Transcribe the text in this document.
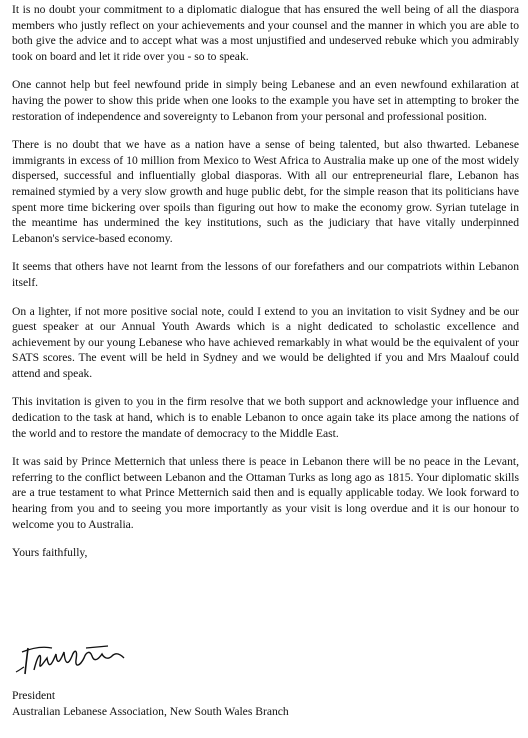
It is no doubt your commitment to a diplomatic dialogue that has ensured the well being of all the diaspora members who justly reflect on your achievements and your counsel and the manner in which you are able to both give the advice and to accept what was a most unjustified and undeserved rebuke which you admirably took on board and let it ride over you - so to speak.

One cannot help but feel newfound pride in simply being Lebanese and an even newfound exhilaration at having the power to show this pride when one looks to the example you have set in attempting to broker the restoration of independence and sovereignty to Lebanon from your personal and professional position.

There is no doubt that we have as a nation have a sense of being talented, but also thwarted. Lebanese immigrants in excess of 10 million from Mexico to West Africa to Australia make up one of the most widely dispersed, successful and influentially global diasporas. With all our entrepreneurial flare, Lebanon has remained stymied by a very slow growth and huge public debt, for the simple reason that its politicians have spent more time bickering over spoils than figuring out how to make the economy grow. Syrian tutelage in the meantime has undermined the key institutions, such as the judiciary that have vitally underpinned Lebanon's service-based economy.

It seems that others have not learnt from the lessons of our forefathers and our compatriots within Lebanon itself.

On a lighter, if not more positive social note, could I extend to you an invitation to visit Sydney and be our guest speaker at our Annual Youth Awards which is a night dedicated to scholastic excellence and achievement by our young Lebanese who have achieved remarkably in what would be the equivalent of your SATS scores. The event will be held in Sydney and we would be delighted if you and Mrs Maalouf could attend and speak.

This invitation is given to you in the firm resolve that we both support and acknowledge your influence and dedication to the task at hand, which is to enable Lebanon to once again take its place among the nations of the world and to restore the mandate of democracy to the Middle East.

It was said by Prince Metternich that unless there is peace in Lebanon there will be no peace in the Levant, referring to the conflict between Lebanon and the Ottaman Turks as long ago as 1815. Your diplomatic skills are a true testament to what Prince Metternich said then and is equally applicable today. We look forward to hearing from you and to seeing you more importantly as your visit is long overdue and it is our honour to welcome you to Australia.

Yours faithfully,

President
Australian Lebanese Association, New South Wales Branch
